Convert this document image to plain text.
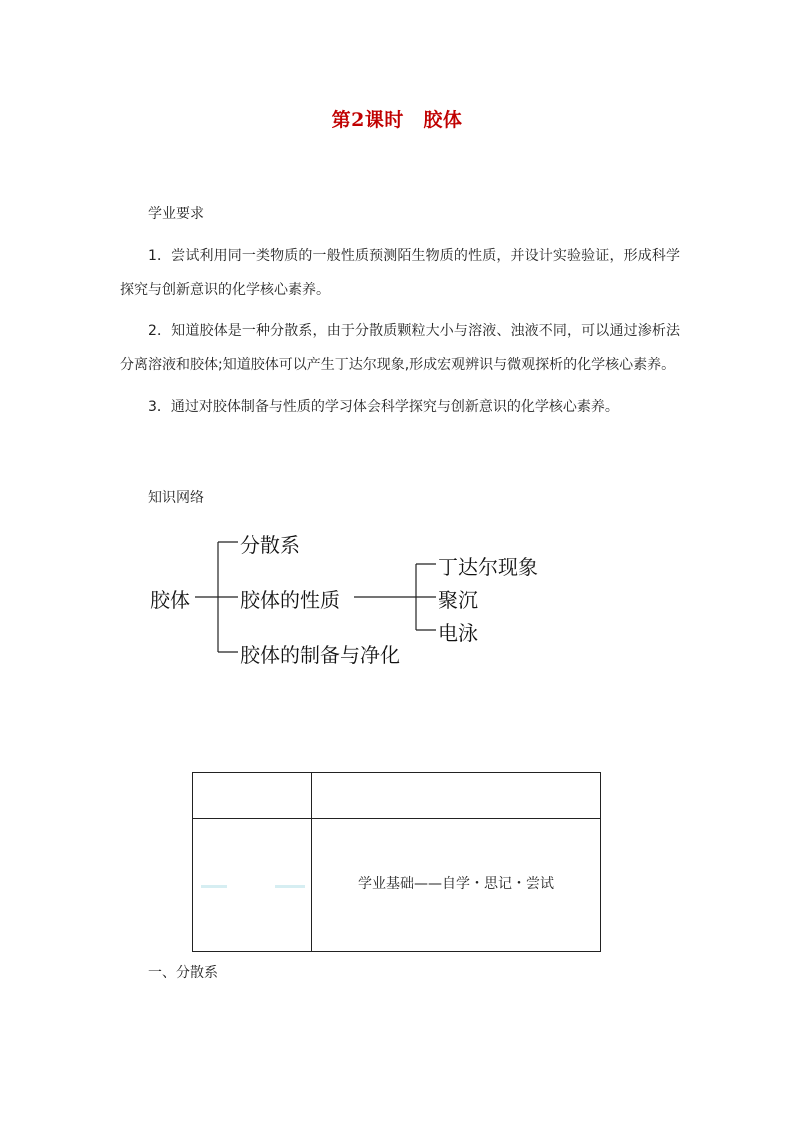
第2课时　胶体
学业要求
1．尝试利用同一类物质的一般性质预测陌生物质的性质，并设计实验验证，形成科学探究与创新意识的化学核心素养。
2．知道胶体是一种分散系，由于分散质颗粒大小与溶液、浊液不同，可以通过渗析法分离溶液和胶体;知道胶体可以产生丁达尔现象,形成宏观辨识与微观探析的化学核心素养。
3．通过对胶体制备与性质的学习体会科学探究与创新意识的化学核心素养。
知识网络
胶体
分散系
胶体的性质
胶体的制备与净化
丁达尔现象
聚沉
电泳
学业基础——自学・思记・尝试
一、分散系
